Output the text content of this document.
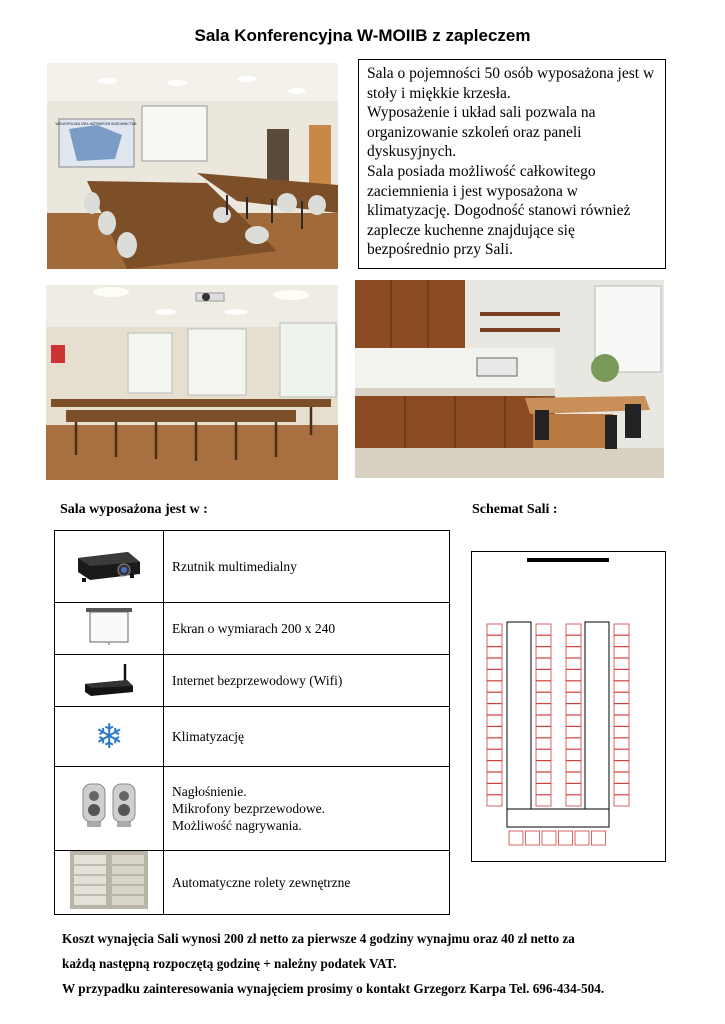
Sala Konferencyjna W-MOIIB z zapleczem
WIELKOPOLSKA IZBA INŻYNIERÓW BUDOWNICTWA

Sala o pojemności 50 osób wyposażona jest w stoły i miękkie krzesła.

Wyposażenie i układ sali pozwala na organizowanie szkoleń oraz paneli dyskusyjnych.

Sala posiada możliwość całkowitego zaciemnienia i jest wyposażona w klimatyzację. Dogodność stanowi również zaplecze kuchenne znajdujące się bezpośrednio przy Sali.

Sala wyposażona jest w :	Schemat Sali :

Rzutnik multimedialny

Ekran o wymiarach 200 x 240

Internet bezprzewodowy (Wifi)

❄	Klimatyzację

Nagłośnienie.
Mikrofony bezprzewodowe.
Możliwość nagrywania.

Automatyczne rolety zewnętrzne
Koszt wynajęcia Sali wynosi 200 zł netto za pierwsze 4 godziny wynajmu oraz 40 zł netto za
każdą następną rozpoczętą godzinę + należny podatek VAT.
W przypadku zainteresowania wynajęciem prosimy o kontakt Grzegorz Karpa Tel. 696-434-504.
